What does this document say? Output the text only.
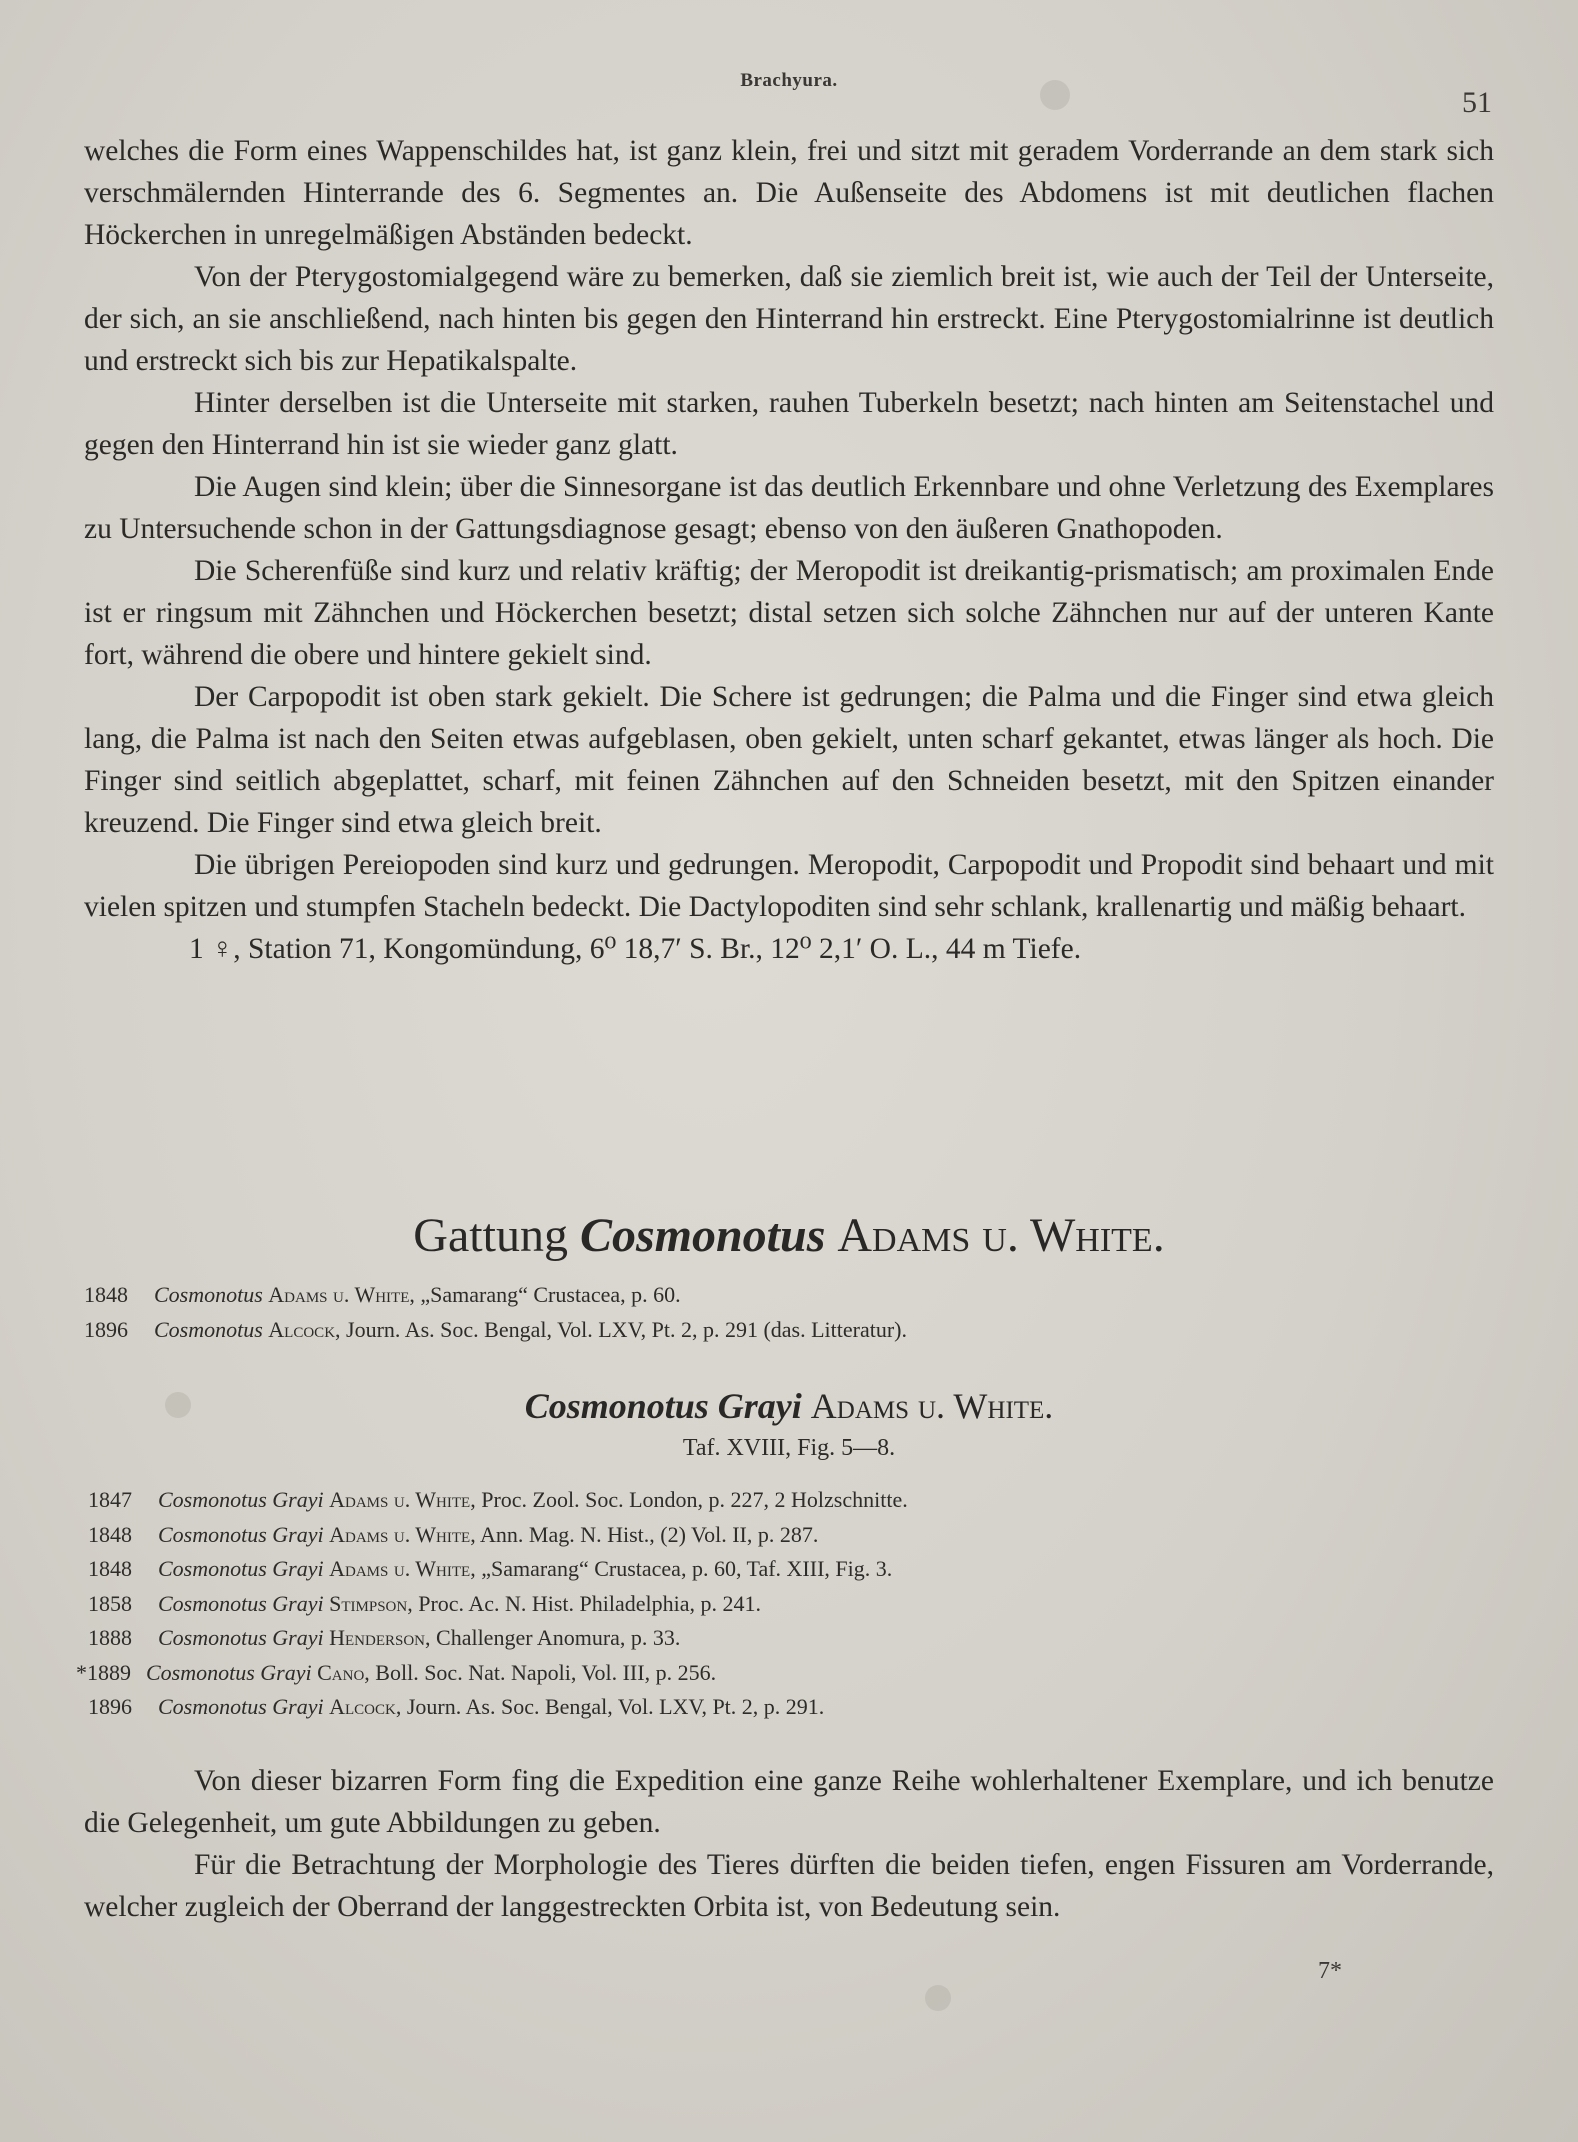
Brachyura.
51

welches die Form eines Wappenschildes hat, ist ganz klein, frei und sitzt mit geradem Vorderrande an dem stark sich verschmälernden Hinterrande des 6. Segmentes an. Die Außenseite des Abdomens ist mit deutlichen flachen Höckerchen in unregelmäßigen Abständen bedeckt.

Von der Pterygostomialgegend wäre zu bemerken, daß sie ziemlich breit ist, wie auch der Teil der Unterseite, der sich, an sie anschließend, nach hinten bis gegen den Hinterrand hin erstreckt. Eine Pterygostomialrinne ist deutlich und erstreckt sich bis zur Hepatikalspalte.

Hinter derselben ist die Unterseite mit starken, rauhen Tuberkeln besetzt; nach hinten am Seitenstachel und gegen den Hinterrand hin ist sie wieder ganz glatt.

Die Augen sind klein; über die Sinnesorgane ist das deutlich Erkennbare und ohne Verletzung des Exemplares zu Untersuchende schon in der Gattungsdiagnose gesagt; ebenso von den äußeren Gnathopoden.

Die Scherenfüße sind kurz und relativ kräftig; der Meropodit ist dreikantig-prismatisch; am proximalen Ende ist er ringsum mit Zähnchen und Höckerchen besetzt; distal setzen sich solche Zähnchen nur auf der unteren Kante fort, während die obere und hintere gekielt sind.

Der Carpopodit ist oben stark gekielt. Die Schere ist gedrungen; die Palma und die Finger sind etwa gleich lang, die Palma ist nach den Seiten etwas aufgeblasen, oben gekielt, unten scharf gekantet, etwas länger als hoch. Die Finger sind seitlich abgeplattet, scharf, mit feinen Zähnchen auf den Schneiden besetzt, mit den Spitzen einander kreuzend. Die Finger sind etwa gleich breit.

Die übrigen Pereiopoden sind kurz und gedrungen. Meropodit, Carpopodit und Propodit sind behaart und mit vielen spitzen und stumpfen Stacheln bedeckt. Die Dactylopoditen sind sehr schlank, krallenartig und mäßig behaart.

1 ♀, Station 71, Kongomündung, 6⁰ 18,7′ S. Br., 12⁰ 2,1′ O. L., 44 m Tiefe.

Gattung Cosmonotus Adams u. White.
1848 Cosmonotus Adams u. White, „Samarang“ Crustacea, p. 60.
1896 Cosmonotus Alcock, Journ. As. Soc. Bengal, Vol. LXV, Pt. 2, p. 291 (das. Litteratur).
Cosmonotus Grayi Adams u. White.
Taf. XVIII, Fig. 5—8.
1847 Cosmonotus Grayi Adams u. White, Proc. Zool. Soc. London, p. 227, 2 Holzschnitte.
1848 Cosmonotus Grayi Adams u. White, Ann. Mag. N. Hist., (2) Vol. II, p. 287.
1848 Cosmonotus Grayi Adams u. White, „Samarang“ Crustacea, p. 60, Taf. XIII, Fig. 3.
1858 Cosmonotus Grayi Stimpson, Proc. Ac. N. Hist. Philadelphia, p. 241.
1888 Cosmonotus Grayi Henderson, Challenger Anomura, p. 33.
*1889 Cosmonotus Grayi Cano, Boll. Soc. Nat. Napoli, Vol. III, p. 256.
1896 Cosmonotus Grayi Alcock, Journ. As. Soc. Bengal, Vol. LXV, Pt. 2, p. 291.

Von dieser bizarren Form fing die Expedition eine ganze Reihe wohlerhaltener Exemplare, und ich benutze die Gelegenheit, um gute Abbildungen zu geben.

Für die Betrachtung der Morphologie des Tieres dürften die beiden tiefen, engen Fissuren am Vorderrande, welcher zugleich der Oberrand der langgestreckten Orbita ist, von Bedeutung sein.

7*
